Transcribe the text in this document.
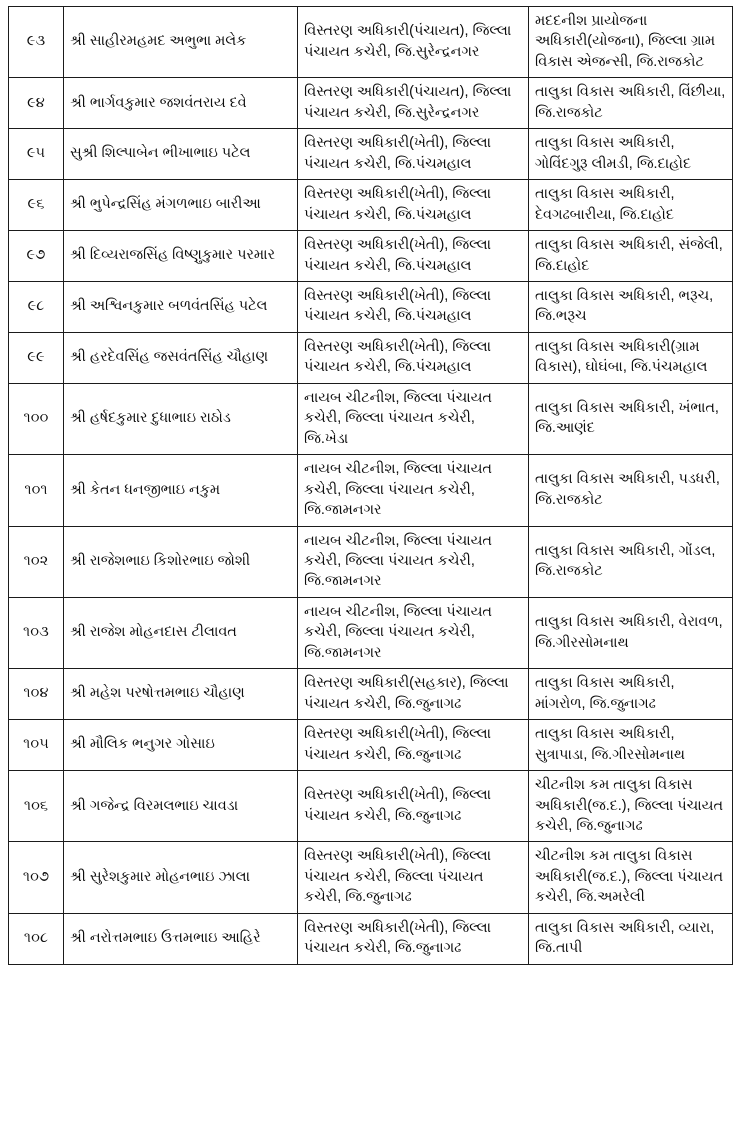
૯૩	શ્રી સાહીરમહમદ અભુભા મલેક	વિસ્તરણ અધિકારી(પંચાયત), જિલ્લા પંચાયત કચેરી, જિ.સુરેન્દ્રનગર	મદદનીશ પ્રાયોજના અધિકારી(યોજના), જિલ્લા ગ્રામ વિકાસ એજન્સી, જિ.રાજકોટ
૯૪	શ્રી ભાર્ગવકુમાર જશવંતરાય દવે	વિસ્તરણ અધિકારી(પંચાયત), જિલ્લા પંચાયત કચેરી, જિ.સુરેન્દ્રનગર	તાલુકા વિકાસ અધિકારી, વિંછીયા, જિ.રાજકોટ
૯૫	સુશ્રી શિલ્પાબેન ભીખાભાઇ પટેલ	વિસ્તરણ અધિકારી(ખેતી), જિલ્લા પંચાયત કચેરી, જિ.પંચમહાલ	તાલુકા વિકાસ અધિકારી, ગોવિંદગુરૂ લીમડી, જિ.દાહોદ
૯૬	શ્રી ભુપેન્દ્રસિંહ મંગળભાઇ બારીઆ	વિસ્તરણ અધિકારી(ખેતી), જિલ્લા પંચાયત કચેરી, જિ.પંચમહાલ	તાલુકા વિકાસ અધિકારી, દેવગઢબારીયા, જિ.દાહોદ
૯૭	શ્રી દિવ્યરાજસિંહ વિષ્ણુકુમાર પરમાર	વિસ્તરણ અધિકારી(ખેતી), જિલ્લા પંચાયત કચેરી, જિ.પંચમહાલ	તાલુકા વિકાસ અધિકારી, સંજેલી, જિ.દાહોદ
૯૮	શ્રી અશ્વિનકુમાર બળવંતસિંહ પટેલ	વિસ્તરણ અધિકારી(ખેતી), જિલ્લા પંચાયત કચેરી, જિ.પંચમહાલ	તાલુકા વિકાસ અધિકારી, ભરૂચ, જિ.ભરૂચ
૯૯	શ્રી હરદેવસિંહ જસવંતસિંહ ચૌહાણ	વિસ્તરણ અધિકારી(ખેતી), જિલ્લા પંચાયત કચેરી, જિ.પંચમહાલ	તાલુકા વિકાસ અધિકારી(ગ્રામ વિકાસ), ઘોઘંબા, જિ.પંચમહાલ
૧૦૦	શ્રી હર્ષદકુમાર દુધાભાઇ રાઠોડ	નાયબ ચીટનીશ, જિલ્લા પંચાયત કચેરી, જિલ્લા પંચાયત કચેરી, જિ.ખેડા	તાલુકા વિકાસ અધિકારી, ખંભાત, જિ.આણંદ
૧૦૧	શ્રી કેતન ધનજીભાઇ નકુમ	નાયબ ચીટનીશ, જિલ્લા પંચાયત કચેરી, જિલ્લા પંચાયત કચેરી, જિ.જામનગર	તાલુકા વિકાસ અધિકારી, પડધરી, જિ.રાજકોટ
૧૦૨	શ્રી રાજેશભાઇ કિશોરભાઇ જોશી	નાયબ ચીટનીશ, જિલ્લા પંચાયત કચેરી, જિલ્લા પંચાયત કચેરી, જિ.જામનગર	તાલુકા વિકાસ અધિકારી, ગોંડલ, જિ.રાજકોટ
૧૦૩	શ્રી રાજેશ મોહનદાસ ટીલાવત	નાયબ ચીટનીશ, જિલ્લા પંચાયત કચેરી, જિલ્લા પંચાયત કચેરી, જિ.જામનગર	તાલુકા વિકાસ અધિકારી, વેરાવળ, જિ.ગીરસોમનાથ
૧૦૪	શ્રી મહેશ પરષોત્તમભાઇ ચૌહાણ	વિસ્તરણ અધિકારી(સહકાર), જિલ્લા પંચાયત કચેરી, જિ.જુનાગઢ	તાલુકા વિકાસ અધિકારી, માંગરોળ, જિ.જુનાગઢ
૧૦૫	શ્રી મૌલિક ભનુગર ગોસાઇ	વિસ્તરણ અધિકારી(ખેતી), જિલ્લા પંચાયત કચેરી, જિ.જુનાગઢ	તાલુકા વિકાસ અધિકારી, સુત્રાપાડા, જિ.ગીરસોમનાથ
૧૦૬	શ્રી ગજેન્દ્ર વિરમલભાઇ ચાવડા	વિસ્તરણ અધિકારી(ખેતી), જિલ્લા પંચાયત કચેરી, જિ.જુનાગઢ	ચીટનીશ કમ તાલુકા વિકાસ અધિકારી(જ.દ.), જિલ્લા પંચાયત કચેરી, જિ.જુનાગઢ
૧૦૭	શ્રી સુરેશકુમાર મોહનભાઇ ઝાલા	વિસ્તરણ અધિકારી(ખેતી), જિલ્લા પંચાયત કચેરી, જિલ્લા પંચાયત કચેરી, જિ.જુનાગઢ	ચીટનીશ કમ તાલુકા વિકાસ અધિકારી(જ.દ.), જિલ્લા પંચાયત કચેરી, જિ.અમરેલી
૧૦૮	શ્રી નરોત્તમભાઇ ઉત્તમભાઇ આહિરે	વિસ્તરણ અધિકારી(ખેતી), જિલ્લા પંચાયત કચેરી, જિ.જુનાગઢ	તાલુકા વિકાસ અધિકારી, વ્યારા, જિ.તાપી
